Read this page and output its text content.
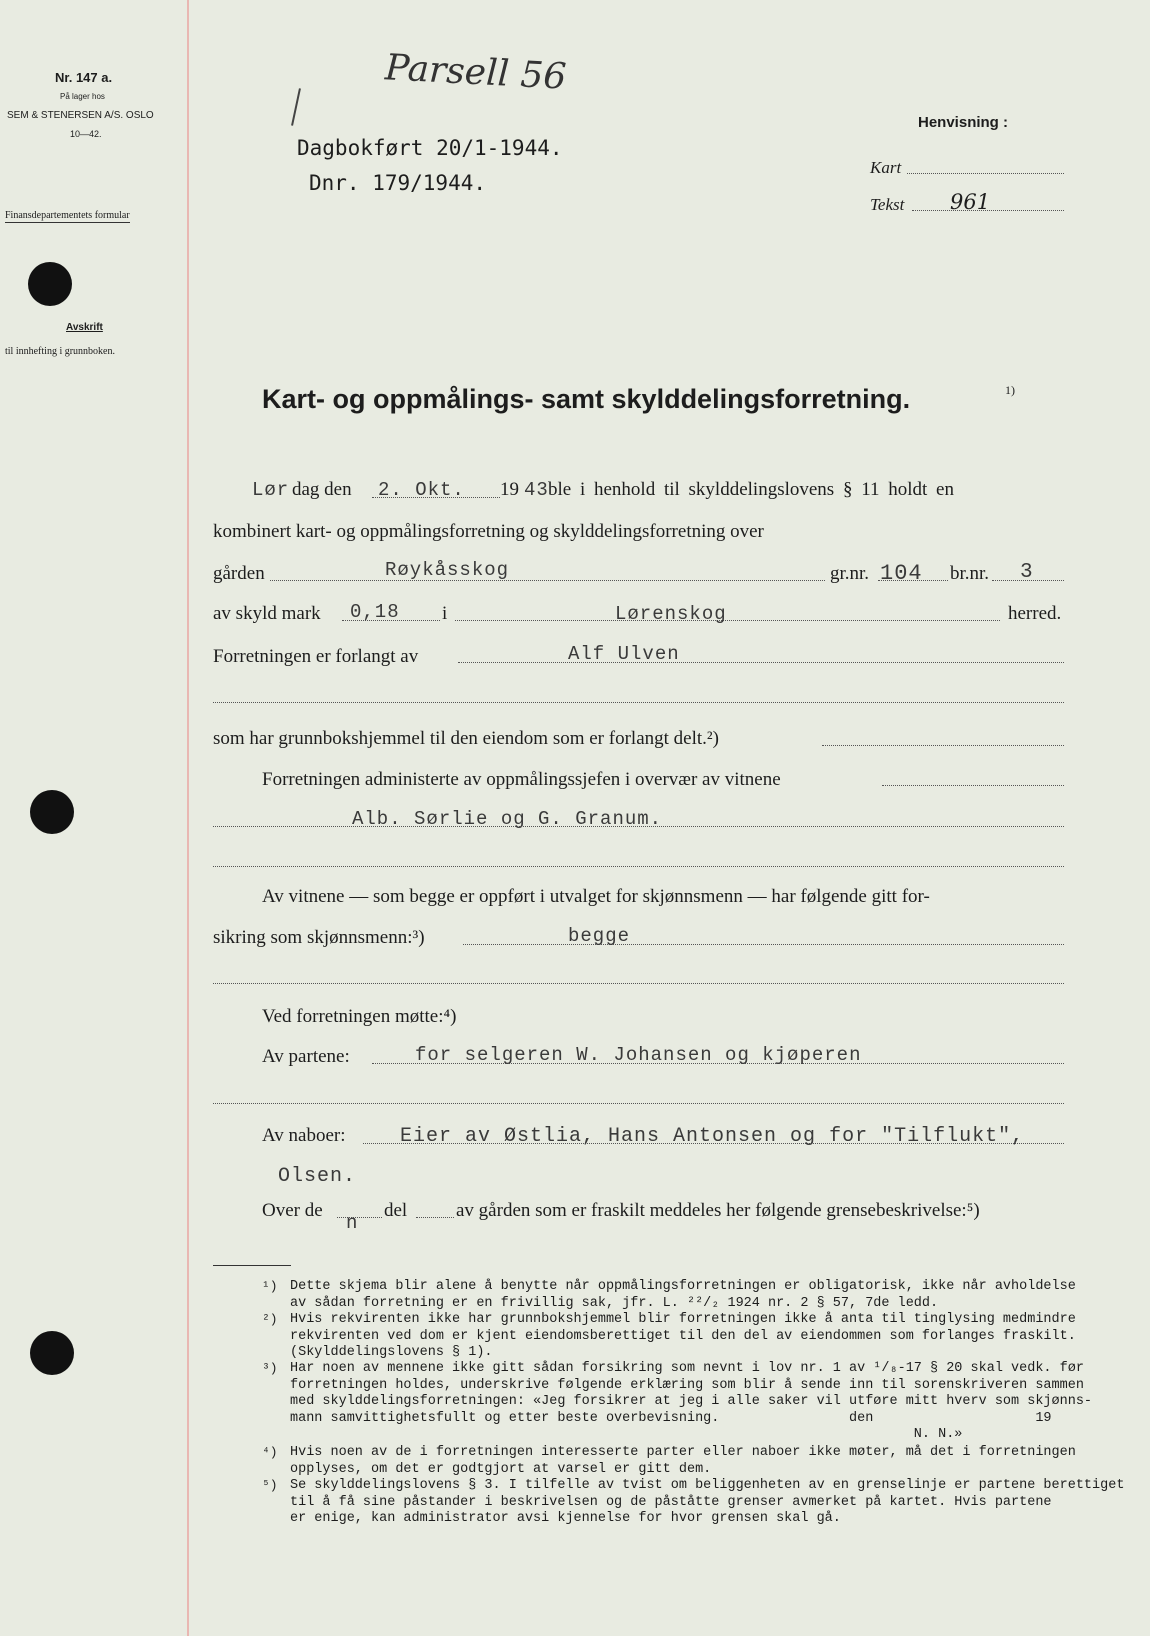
Nr. 147 a.
På lager hos
SEM & STENERSEN A/S. OSLO
10—42.
Finansdepartementets formular
Avskrift
til innhefting i grunnboken.
Parsell 56
Dagbokført 20/1-1944.
Dnr. 179/1944.
Henvisning :
Kart
Tekst 961
Kart- og oppmålings- samt skylddelingsforretning.	1)
Lør dag den 2. Okt. 19 43 ble i henhold til skylddelingslovens § 11 holdt en
kombinert kart- og oppmålingsforretning og skylddelingsforretning over
gården	Røykåsskog	gr.nr. 104 br.nr. 3
av skyld mark 0,18 i	Lørenskog	herred.
Forretningen er forlangt av	Alf Ulven
som har grunnbokshjemmel til den eiendom som er forlangt delt.²)
Forretningen administerte av oppmålingssjefen i overvær av vitnene
Alb. Sørlie og G. Granum.
Av vitnene — som begge er oppført i utvalget for skjønnsmenn — har følgende gitt for-
sikring som skjønnsmenn:³)	begge
Ved forretningen møtte:⁴)
Av partene:	for selgeren W. Johansen og kjøperen
Av naboer:	Eier av Østlia, Hans Antonsen og for "Tilflukt",
Olsen.
Over de
n
del	av gården som er fraskilt meddeles her følgende grensebeskrivelse:⁵)
¹) Dette skjema blir alene å benytte når oppmålingsforretningen er obligatorisk, ikke når avholdelse
av sådan forretning er en frivillig sak, jfr. L. ²²/₂ 1924 nr. 2 § 57, 7de ledd.
²) Hvis rekvirenten ikke har grunnbokshjemmel blir forretningen ikke å anta til tinglysing medmindre
rekvirenten ved dom er kjent eiendomsberettiget til den del av eiendommen som forlanges fraskilt.
(Skylddelingslovens § 1).
³) Har noen av mennene ikke gitt sådan forsikring som nevnt i lov nr. 1 av ¹/₈-17 § 20 skal vedk. før
forretningen holdes, underskrive følgende erklæring som blir å sende inn til sorenskriveren sammen
med skylddelingsforretningen: «Jeg forsikrer at jeg i alle saker vil utføre mitt hverv som skjønns-
mann samvittighetsfullt og etter beste overbevisning.                den                    19
N. N.»
⁴) Hvis noen av de i forretningen interesserte parter eller naboer ikke møter, må det i forretningen
opplyses, om det er godtgjort at varsel er gitt dem.
⁵) Se skylddelingslovens § 3. I tilfelle av tvist om beliggenheten av en grenselinje er partene berettiget
til å få sine påstander i beskrivelsen og de påståtte grenser avmerket på kartet. Hvis partene
er enige, kan administrator avsi kjennelse for hvor grensen skal gå.
